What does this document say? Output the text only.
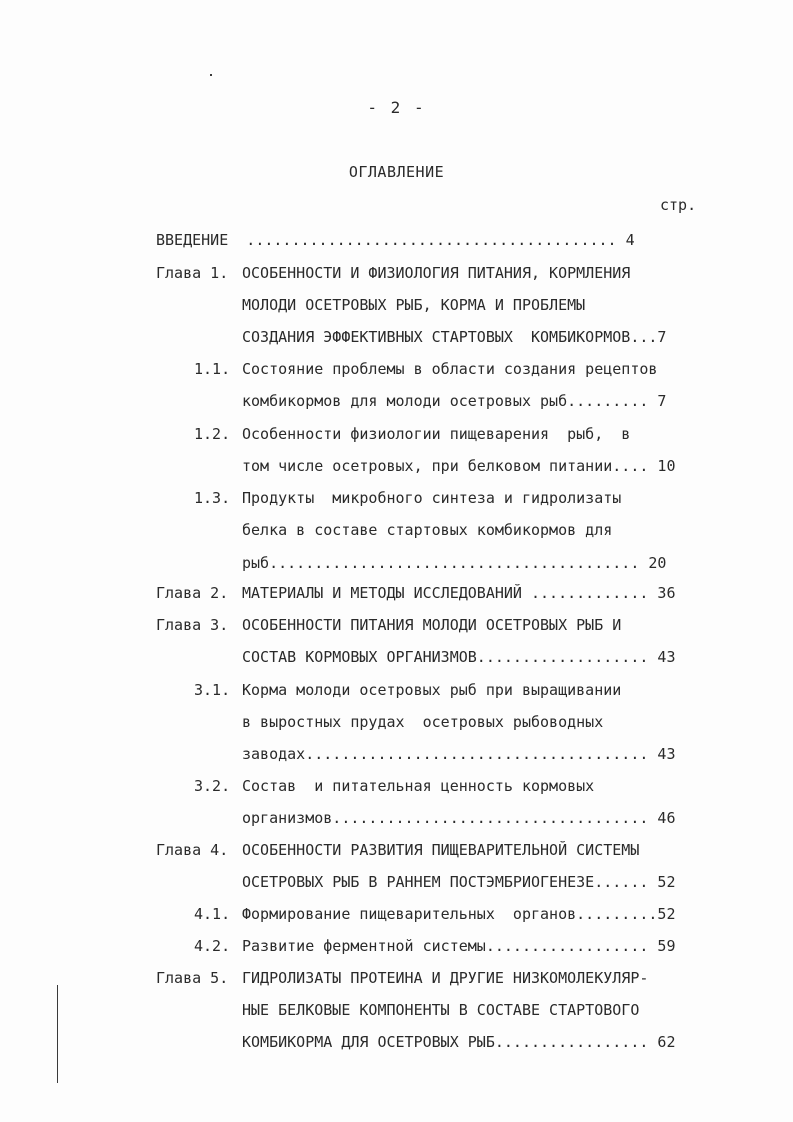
- 2 -
ОГЛАВЛЕНИЕ
стр.
ВВЕДЕНИЕ  ......................................... 4
Глава 1. ОСОБЕННОСТИ И ФИЗИОЛОГИЯ ПИТАНИЯ, КОРМЛЕНИЯ
МОЛОДИ ОСЕТРОВЫХ РЫБ, КОРМА И ПРОБЛЕМЫ
СОЗДАНИЯ ЭФФЕКТИВНЫХ СТАРТОВЫХ  КОМБИКОРМОВ...7
1.1. Состояние проблемы в области создания рецептов
комбикормов для молоди осетровых рыб......... 7
1.2. Особенности физиологии пищеварения  рыб,  в
том числе осетровых, при белковом питании.... 10
1.3. Продукты  микробного синтеза и гидролизаты
белка в составе стартовых комбикормов для
рыб......................................... 20
Глава 2. МАТЕРИАЛЫ И МЕТОДЫ ИССЛЕДОВАНИЙ ............. 36
Глава 3. ОСОБЕННОСТИ ПИТАНИЯ МОЛОДИ ОСЕТРОВЫХ РЫБ И
СОСТАВ КОРМОВЫХ ОРГАНИЗМОВ................... 43
3.1. Корма молоди осетровых рыб при выращивании
в выростных прудах  осетровых рыбоводных
заводах...................................... 43
3.2. Состав  и питательная ценность кормовых
организмов................................... 46
Глава 4. ОСОБЕННОСТИ РАЗВИТИЯ ПИЩЕВАРИТЕЛЬНОЙ СИСТЕМЫ
ОСЕТРОВЫХ РЫБ В РАННЕМ ПОСТЭМБРИОГЕНЕЗЕ...... 52
4.1. Формирование пищеварительных  органов.........52
4.2. Развитие ферментной системы.................. 59
Глава 5. ГИДРОЛИЗАТЫ ПРОТЕИНА И ДРУГИЕ НИЗКОМОЛЕКУЛЯР-
НЫЕ БЕЛКОВЫЕ КОМПОНЕНТЫ В СОСТАВЕ СТАРТОВОГО
КОМБИКОРМА ДЛЯ ОСЕТРОВЫХ РЫБ................. 62
